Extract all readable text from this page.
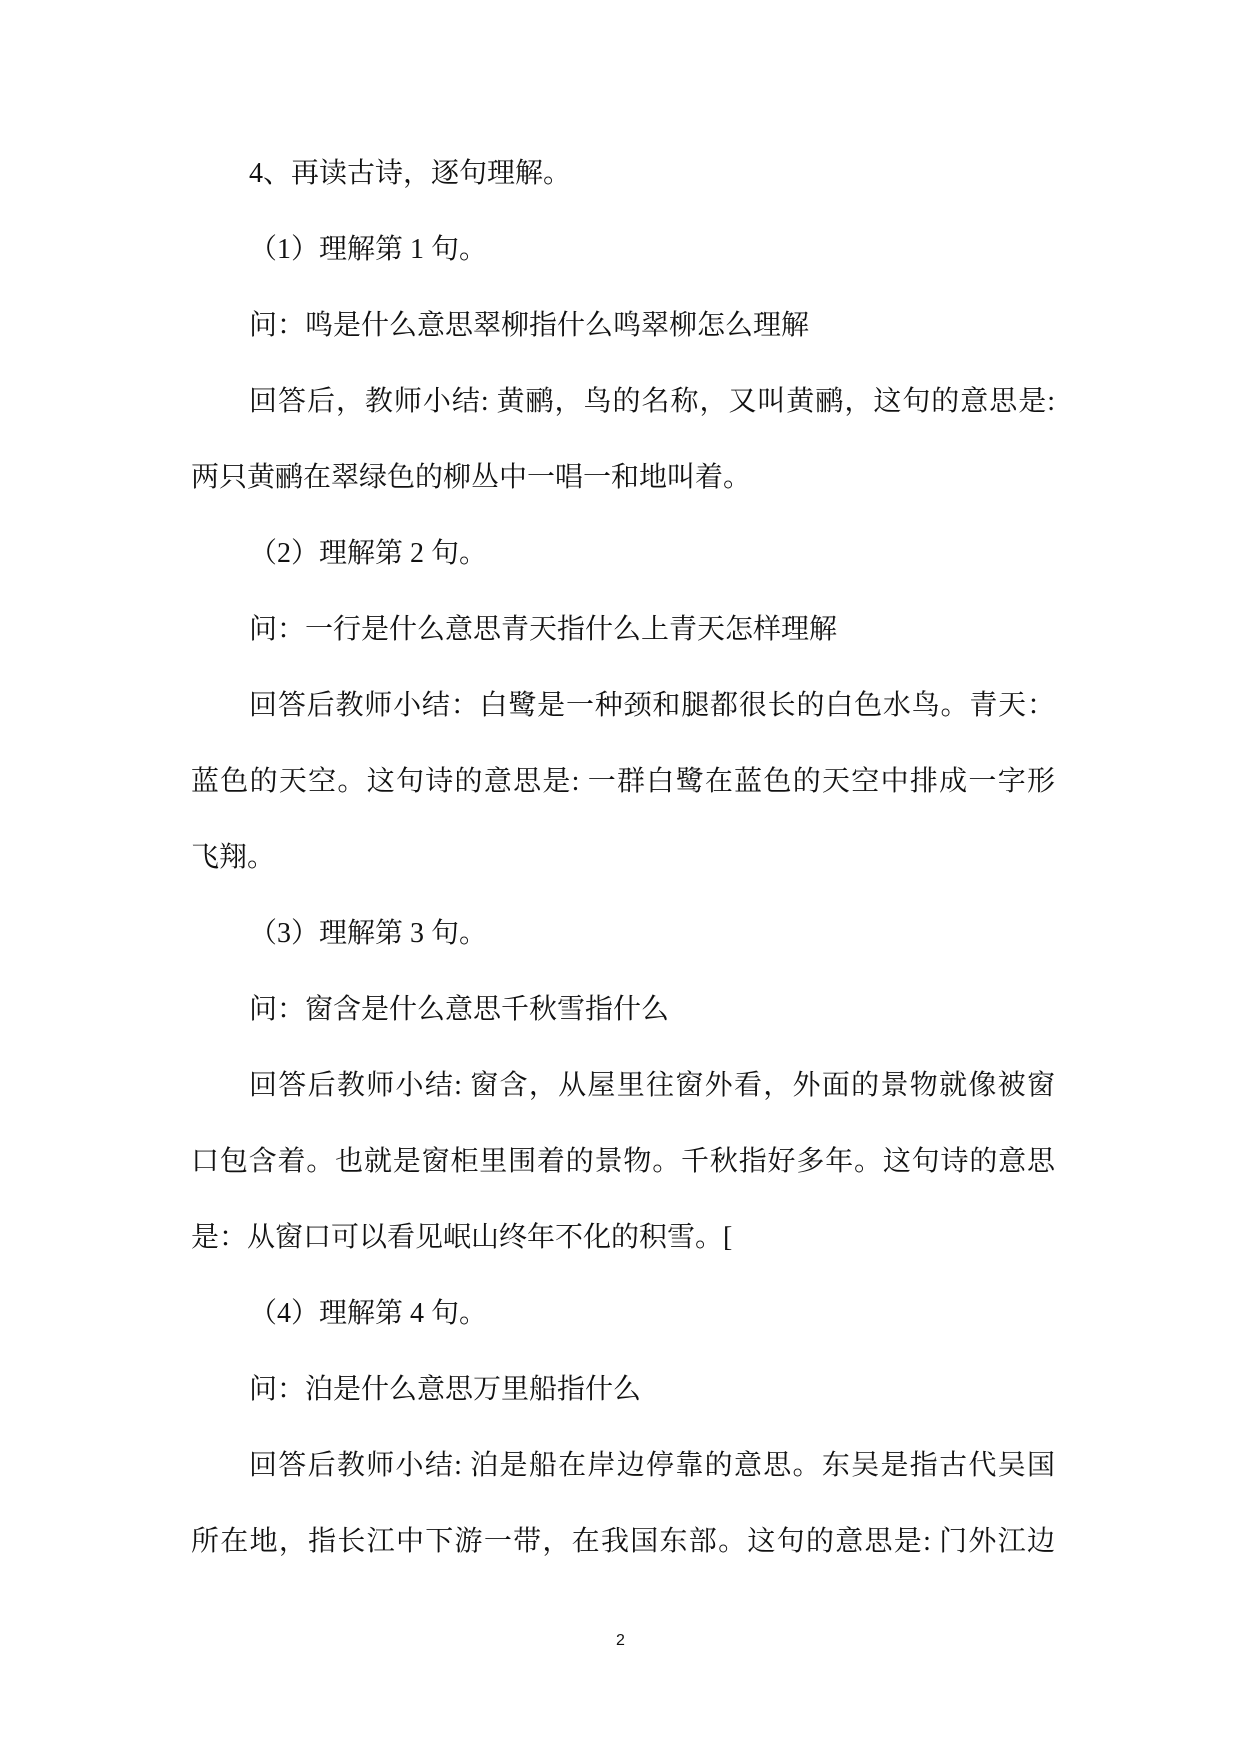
4、再读古诗，逐句理解。
（1）理解第 1 句。
问：鸣是什么意思翠柳指什么鸣翠柳怎么理解
回答后，教师小结: 黄鹂，鸟的名称，又叫黄鹂，这句的意思是:
两只黄鹂在翠绿色的柳丛中一唱一和地叫着。
（2）理解第 2 句。
问：一行是什么意思青天指什么上青天怎样理解
回答后教师小结：白鹭是一种颈和腿都很长的白色水鸟。青天：
蓝色的天空。这句诗的意思是: 一群白鹭在蓝色的天空中排成一字形
飞翔。
（3）理解第 3 句。
问：窗含是什么意思千秋雪指什么
回答后教师小结: 窗含，从屋里往窗外看，外面的景物就像被窗
口包含着。也就是窗柜里围着的景物。千秋指好多年。这句诗的意思
是：从窗口可以看见岷山终年不化的积雪。[
（4）理解第 4 句。
问：泊是什么意思万里船指什么
回答后教师小结: 泊是船在岸边停靠的意思。东吴是指古代吴国
所在地，指长江中下游一带，在我国东部。这句的意思是: 门外江边
2
